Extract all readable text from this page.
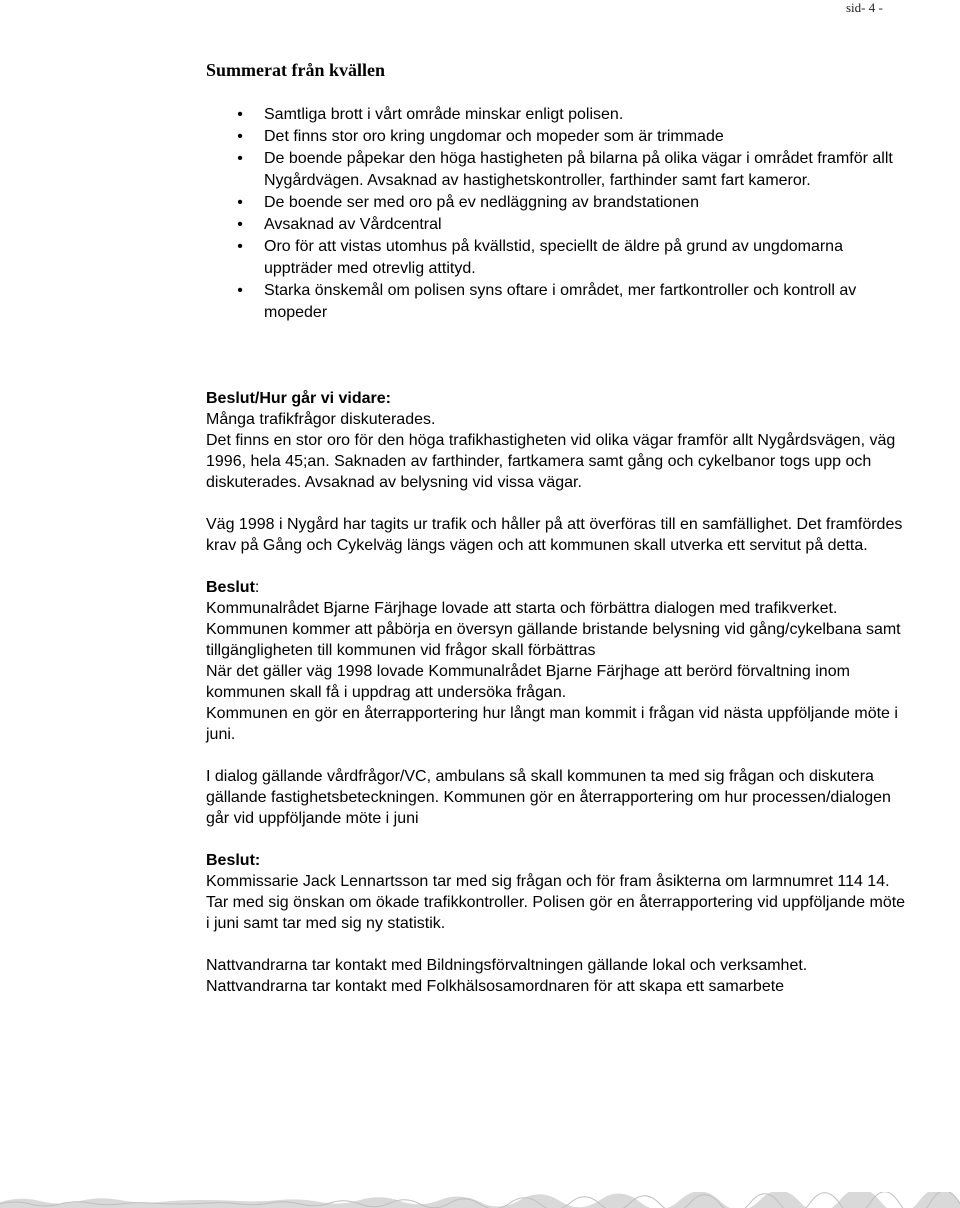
sid- 4 -
Summerat från kvällen
• Samtliga brott i vårt område minskar enligt polisen.
• Det finns stor oro kring ungdomar och mopeder som är trimmade
• De boende påpekar den höga hastigheten på bilarna på olika vägar i området framför allt Nygårdvägen. Avsaknad av hastighetskontroller, farthinder samt fart kameror.
• De boende ser med oro på ev nedläggning av brandstationen
• Avsaknad av Vårdcentral
• Oro för att vistas utomhus på kvällstid, speciellt de äldre på grund av ungdomarna uppträder med otrevlig attityd.
• Starka önskemål om polisen syns oftare i området, mer fartkontroller och kontroll av mopeder

Beslut/Hur går vi vidare:

Många trafikfrågor diskuterades.

Det finns en stor oro för den höga trafikhastigheten vid olika vägar framför allt Nygårdsvägen, väg 1996, hela 45;an. Saknaden av farthinder, fartkamera samt gång och cykelbanor togs upp och diskuterades. Avsaknad av belysning vid vissa vägar.

Väg 1998 i Nygård har tagits ur trafik och håller på att överföras till en samfällighet. Det framfördes krav på Gång och Cykelväg längs vägen och att kommunen skall utverka ett servitut på detta.

Beslut:

Kommunalrådet Bjarne Färjhage lovade att starta och förbättra dialogen med trafikverket. Kommunen kommer att påbörja en översyn gällande bristande belysning vid gång/cykelbana samt tillgängligheten till kommunen vid frågor skall förbättras

När det gäller väg 1998 lovade Kommunalrådet Bjarne Färjhage att berörd förvaltning inom kommunen skall få i uppdrag att undersöka frågan.

Kommunen en gör en återrapportering hur långt man kommit i frågan vid nästa uppföljande möte i juni.

I dialog gällande vårdfrågor/VC, ambulans så skall kommunen ta med sig frågan och diskutera gällande fastighetsbeteckningen. Kommunen gör en återrapportering om hur processen/dialogen går vid uppföljande möte i juni

Beslut:

Kommissarie Jack Lennartsson tar med sig frågan och för fram åsikterna om larmnumret 114 14.

Tar med sig önskan om ökade trafikkontroller. Polisen gör en återrapportering vid uppföljande möte i juni samt tar med sig ny statistik.

Nattvandrarna tar kontakt med Bildningsförvaltningen gällande lokal och verksamhet.

Nattvandrarna tar kontakt med Folkhälsosamordnaren för att skapa ett samarbete
